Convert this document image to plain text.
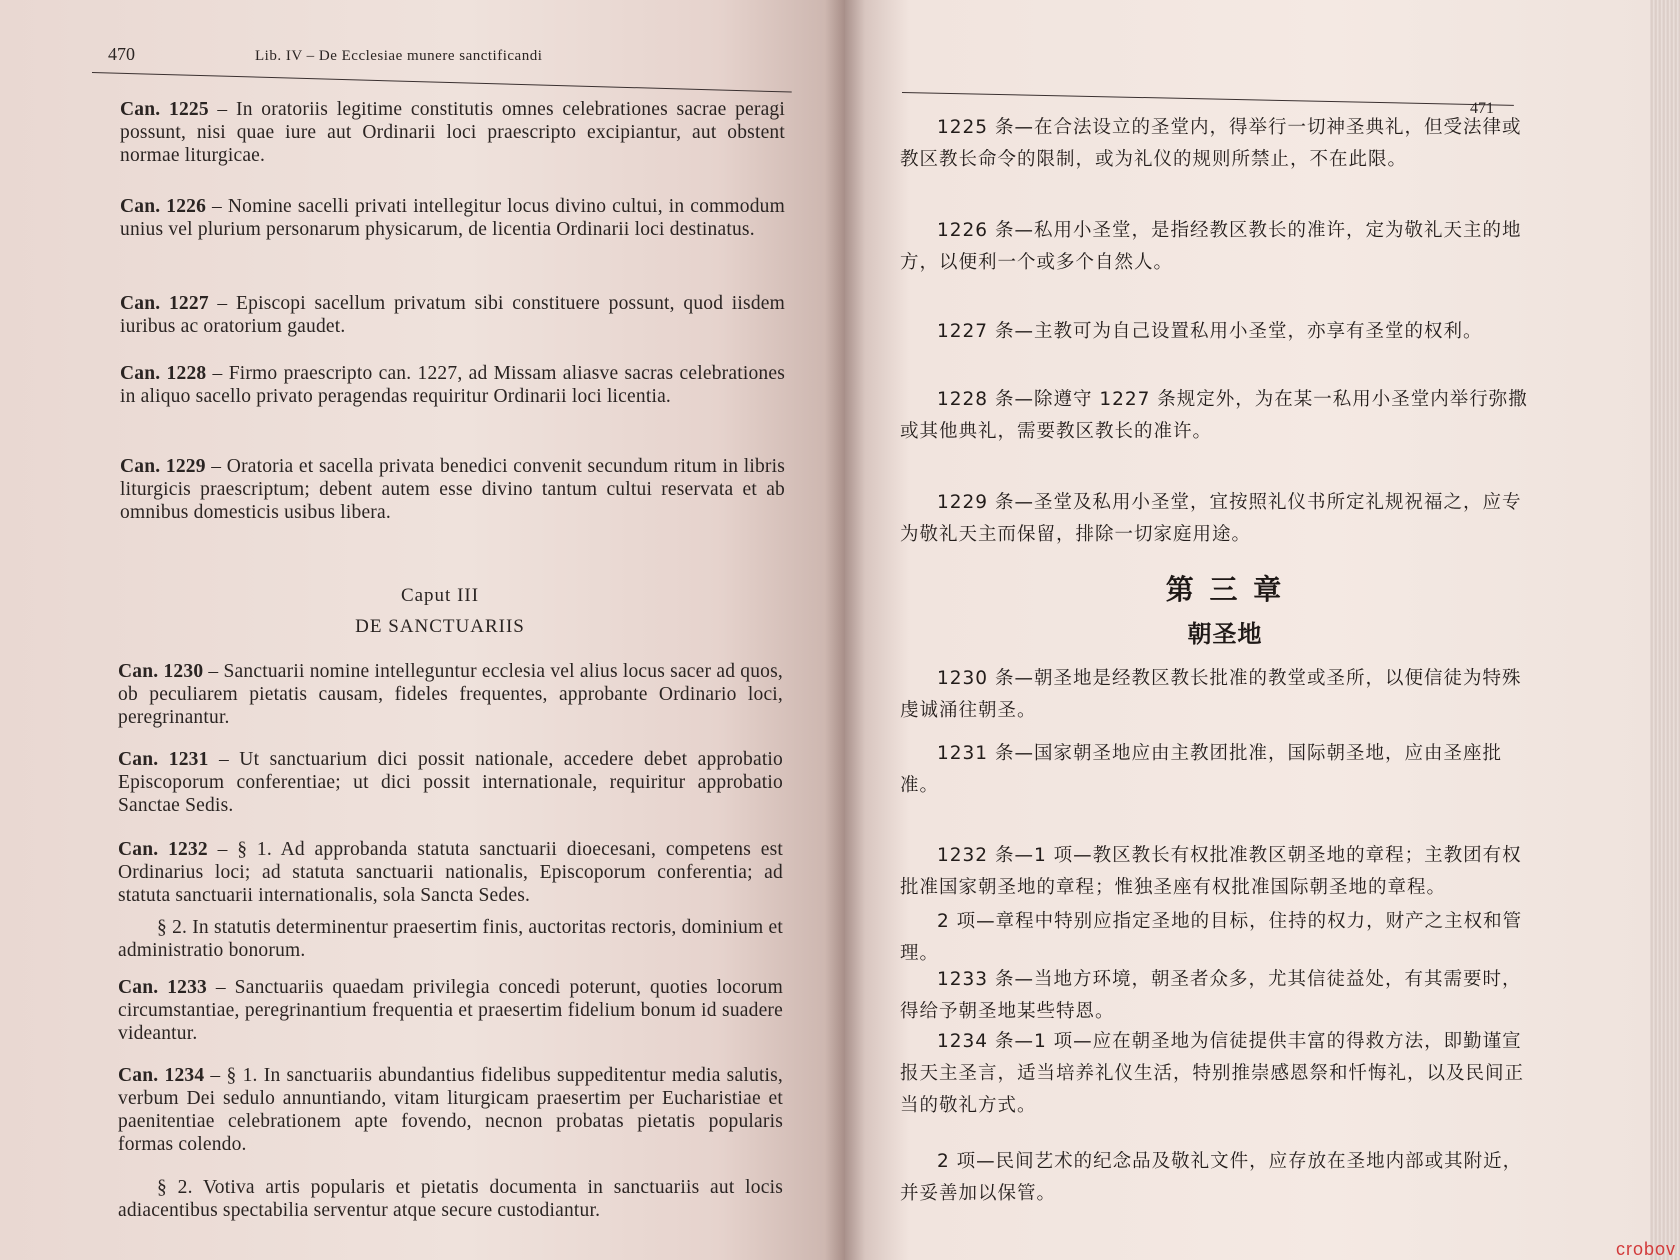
470	Lib. IV – De Ecclesiae munere sanctificandi
Can. 1225 – In oratoriis legitime constitutis omnes celebrationes sacrae peragi possunt, nisi quae iure aut Ordinarii loci praescripto excipiantur, aut obstent normae liturgicae.
Can. 1226 – Nomine sacelli privati intellegitur locus divino cultui, in commodum unius vel plurium personarum physicarum, de licentia Ordinarii loci destinatus.
Can. 1227 – Episcopi sacellum privatum sibi constituere possunt, quod iisdem iuribus ac oratorium gaudet.
Can. 1228 – Firmo praescripto can. 1227, ad Missam aliasve sacras celebrationes in aliquo sacello privato peragendas requiritur Ordinarii loci licentia.
Can. 1229 – Oratoria et sacella privata benedici convenit secundum ritum in libris liturgicis praescriptum; debent autem esse divino tantum cultui reservata et ab omnibus domesticis usibus libera.
Caput III
DE SANCTUARIIS
Can. 1230 – Sanctuarii nomine intelleguntur ecclesia vel alius locus sacer ad quos, ob peculiarem pietatis causam, fideles frequentes, approbante Ordinario loci, peregrinantur.
Can. 1231 – Ut sanctuarium dici possit nationale, accedere debet approbatio Episcoporum conferentiae; ut dici possit internationale, requiritur approbatio Sanctae Sedis.
Can. 1232 – § 1. Ad approbanda statuta sanctuarii dioecesani, competens est Ordinarius loci; ad statuta sanctuarii nationalis, Episcoporum conferentia; ad statuta sanctuarii internationalis, sola Sancta Sedes.
§ 2. In statutis determinentur praesertim finis, auctoritas rectoris, dominium et administratio bonorum.
Can. 1233 – Sanctuariis quaedam privilegia concedi poterunt, quoties locorum circumstantiae, peregrinantium frequentia et praesertim fidelium bonum id suadere videantur.
Can. 1234 – § 1. In sanctuariis abundantius fidelibus suppeditentur media salutis, verbum Dei sedulo annuntiando, vitam liturgicam praesertim per Eucharistiae et paenitentiae celebrationem apte fovendo, necnon probatas pietatis popularis formas colendo.
§ 2. Votiva artis popularis et pietatis documenta in sanctuariis aut locis adiacentibus spectabilia serventur atque secure custodiantur.
471
1225 条—在合法设立的圣堂内，得举行一切神圣典礼，但受法律或教区教长命令的限制，或为礼仪的规则所禁止，不在此限。
1226 条—私用小圣堂，是指经教区教长的准许，定为敬礼天主的地方，以便利一个或多个自然人。
1227 条—主教可为自己设置私用小圣堂，亦享有圣堂的权利。
1228 条—除遵守 1227 条规定外，为在某一私用小圣堂内举行弥撒或其他典礼，需要教区教长的准许。
1229 条—圣堂及私用小圣堂，宜按照礼仪书所定礼规祝福之，应专为敬礼天主而保留，排除一切家庭用途。
第 三 章
朝圣地
1230 条—朝圣地是经教区教长批准的教堂或圣所，以便信徒为特殊虔诚涌往朝圣。
1231 条—国家朝圣地应由主教团批准，国际朝圣地，应由圣座批准。
1232 条—1 项—教区教长有权批准教区朝圣地的章程；主教团有权批准国家朝圣地的章程；惟独圣座有权批准国际朝圣地的章程。
2 项—章程中特别应指定圣地的目标，住持的权力，财产之主权和管理。
1233 条—当地方环境，朝圣者众多，尤其信徒益处，有其需要时，得给予朝圣地某些特恩。
1234 条—1 项—应在朝圣地为信徒提供丰富的得救方法，即勤谨宣报天主圣言，适当培养礼仪生活，特别推崇感恩祭和忏悔礼，以及民间正当的敬礼方式。
2 项—民间艺术的纪念品及敬礼文件，应存放在圣地内部或其附近，并妥善加以保管。
crobov
